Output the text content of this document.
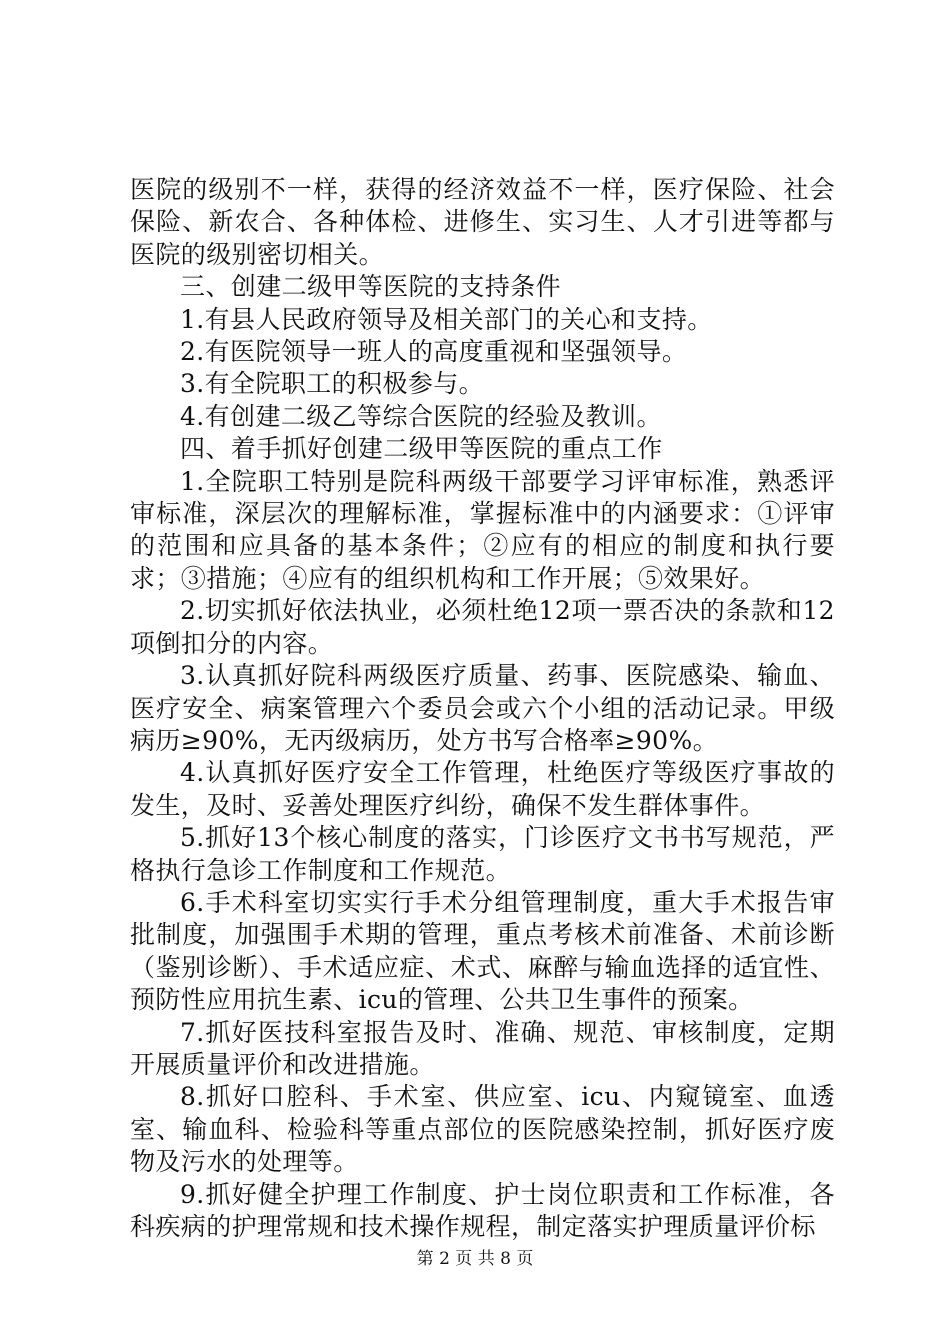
医院的级别不一样，获得的经济效益不一样，医疗保险、社会保险、新农合、各种体检、进修生、实习生、人才引进等都与医院的级别密切相关。

三、创建二级甲等医院的支持条件

1.有县人民政府领导及相关部门的关心和支持。

2.有医院领导一班人的高度重视和坚强领导。

3.有全院职工的积极参与。

4.有创建二级乙等综合医院的经验及教训。

四、着手抓好创建二级甲等医院的重点工作

1.全院职工特别是院科两级干部要学习评审标准，熟悉评审标准，深层次的理解标准，掌握标准中的内涵要求：①评审的范围和应具备的基本条件；②应有的相应的制度和执行要求；③措施；④应有的组织机构和工作开展；⑤效果好。

2.切实抓好依法执业，必须杜绝12项一票否决的条款和12项倒扣分的内容。

3.认真抓好院科两级医疗质量、药事、医院感染、输血、医疗安全、病案管理六个委员会或六个小组的活动记录。甲级病历≥90%，无丙级病历，处方书写合格率≥90%。

4.认真抓好医疗安全工作管理，杜绝医疗等级医疗事故的发生，及时、妥善处理医疗纠纷，确保不发生群体事件。

5.抓好13个核心制度的落实，门诊医疗文书书写规范，严格执行急诊工作制度和工作规范。

6.手术科室切实实行手术分组管理制度，重大手术报告审批制度，加强围手术期的管理，重点考核术前准备、术前诊断（鉴别诊断）、手术适应症、术式、麻醉与输血选择的适宜性、预防性应用抗生素、icu的管理、公共卫生事件的预案。

7.抓好医技科室报告及时、准确、规范、审核制度，定期开展质量评价和改进措施。

8.抓好口腔科、手术室、供应室、icu、内窥镜室、血透室、输血科、检验科等重点部位的医院感染控制，抓好医疗废物及污水的处理等。

9.抓好健全护理工作制度、护士岗位职责和工作标准，各科疾病的护理常规和技术操作规程，制定落实护理质量评价标

第 2 页 共 8 页
